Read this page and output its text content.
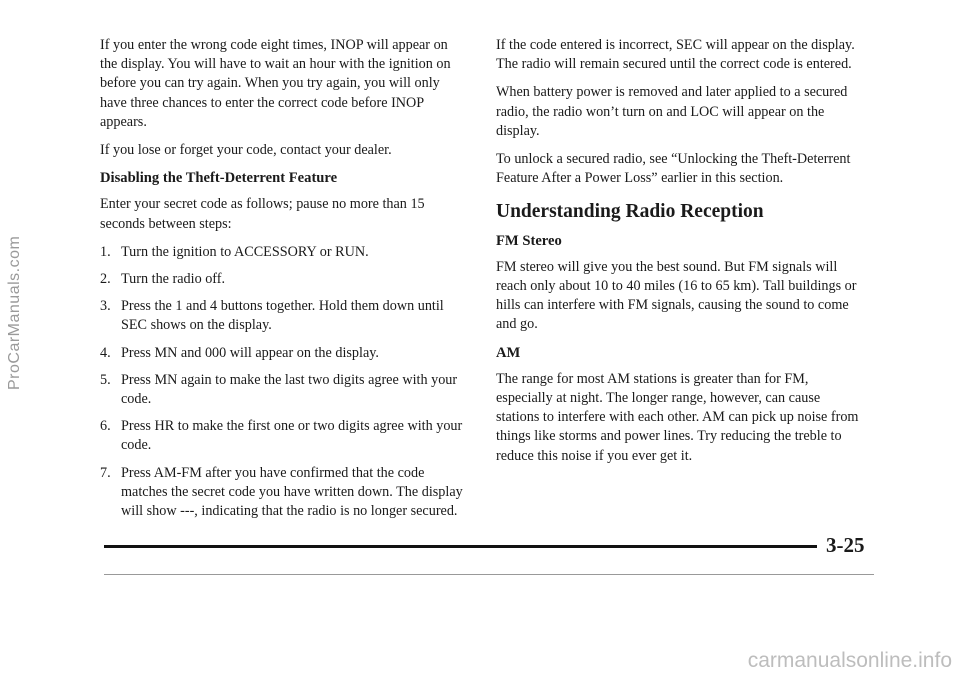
ProCarManuals.com

If you enter the wrong code eight times, INOP will appear on the display. You will have to wait an hour with the ignition on before you can try again. When you try again, you will only have three chances to enter the correct code before INOP appears.

If you lose or forget your code, contact your dealer.

Disabling the Theft-Deterrent Feature

Enter your secret code as follows; pause no more than 15 seconds between steps:

1. Turn the ignition to ACCESSORY or RUN.
2. Turn the radio off.
3. Press the 1 and 4 buttons together. Hold them down until SEC shows on the display.
4. Press MN and 000 will appear on the display.
5. Press MN again to make the last two digits agree with your code.
6. Press HR to make the first one or two digits agree with your code.
7. Press AM-FM after you have confirmed that the code matches the secret code you have written down. The display will show ---, indicating that the radio is no longer secured.

If the code entered is incorrect, SEC will appear on the display. The radio will remain secured until the correct code is entered.

When battery power is removed and later applied to a secured radio, the radio won’t turn on and LOC will appear on the display.

To unlock a secured radio, see “Unlocking the Theft-Deterrent Feature After a Power Loss” earlier in this section.

Understanding Radio Reception
FM Stereo

FM stereo will give you the best sound. But FM signals will reach only about 10 to 40 miles (16 to 65 km). Tall buildings or hills can interfere with FM signals, causing the sound to come and go.

AM

The range for most AM stations is greater than for FM, especially at night. The longer range, however, can cause stations to interfere with each other. AM can pick up noise from things like storms and power lines. Try reducing the treble to reduce this noise if you ever get it.

3-25
carmanualsonline.info
